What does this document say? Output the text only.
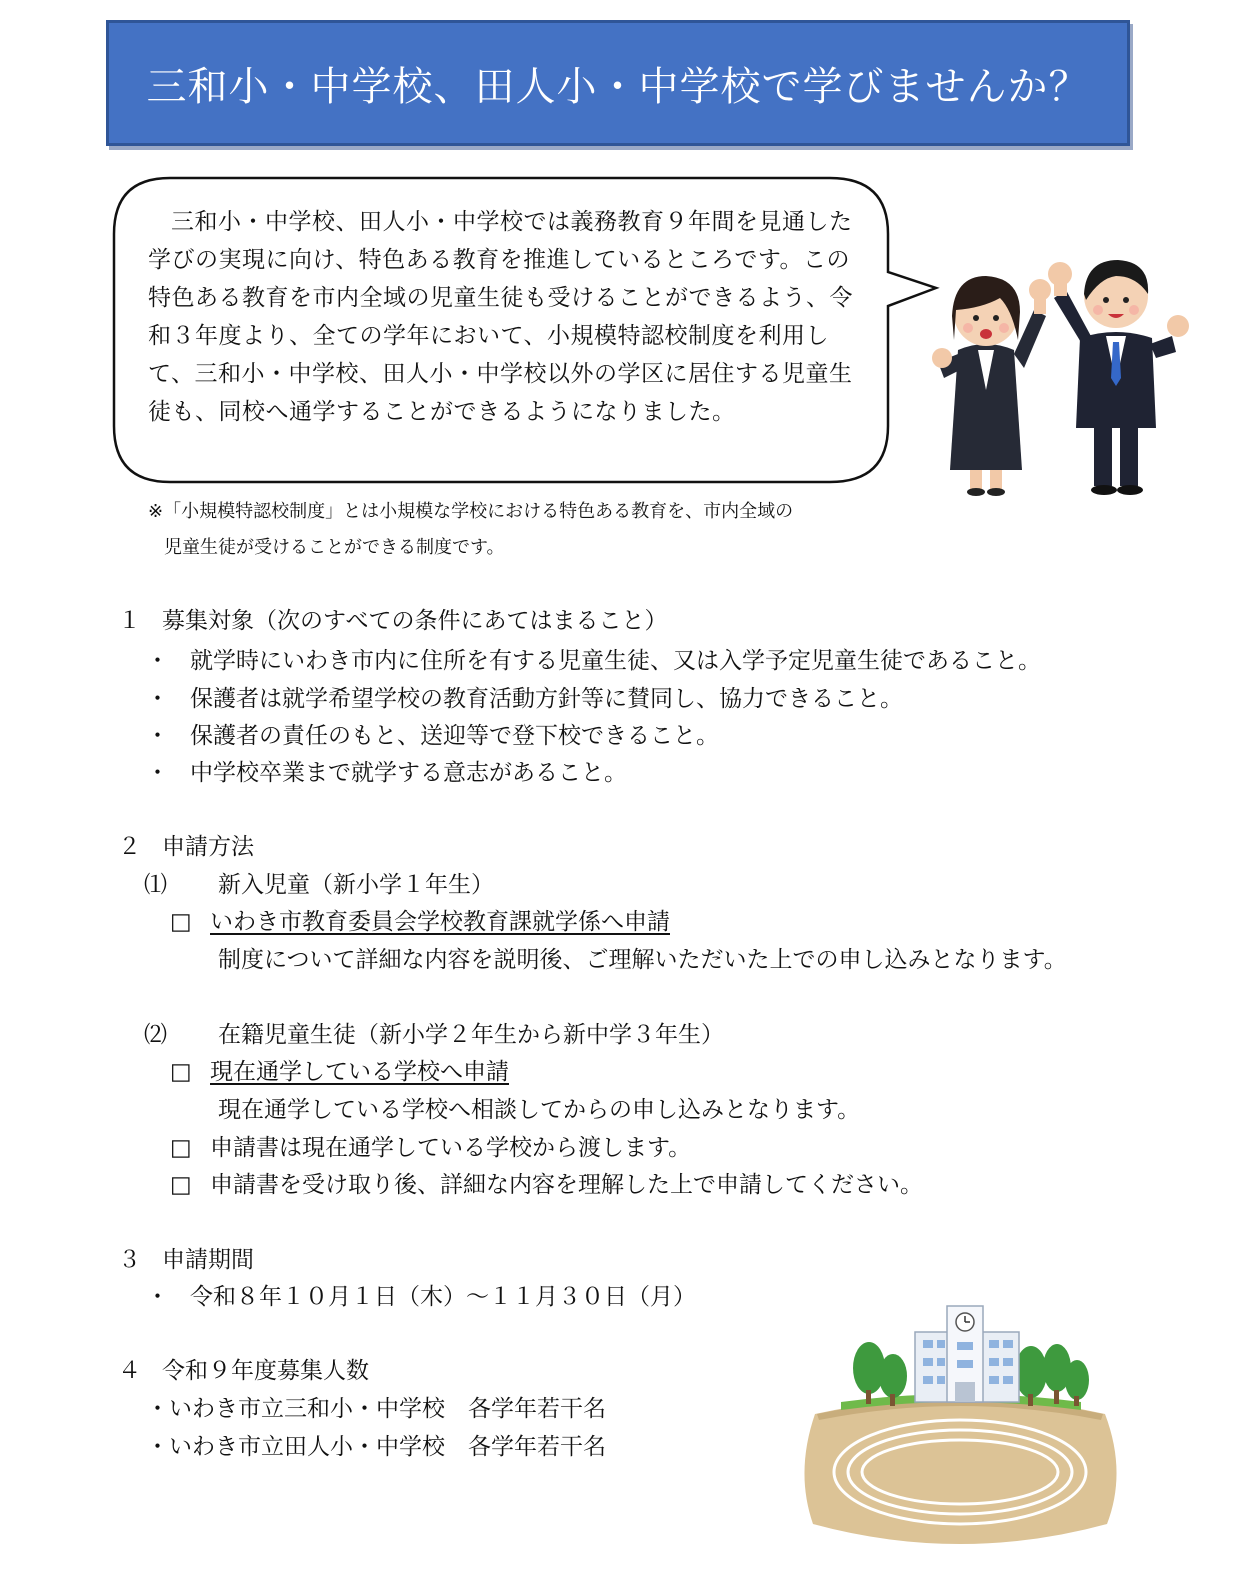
三和小・中学校、田人小・中学校で学びませんか？

三和小・中学校、田人小・中学校では義務教育９年間を見通した学びの実現に向け、特色ある教育を推進しているところです。この特色ある教育を市内全域の児童生徒も受けることができるよう、令和３年度より、全ての学年において、小規模特認校制度を利用して、三和小・中学校、田人小・中学校以外の学区に居住する児童生徒も、同校へ通学することができるようになりました。

※「小規模特認校制度」とは小規模な学校における特色ある教育を、市内全域の
児童生徒が受けることができる制度です。
１ 募集対象（次のすべての条件にあてはまること）
・ 就学時にいわき市内に住所を有する児童生徒、又は入学予定児童生徒であること。
・ 保護者は就学希望学校の教育活動方針等に賛同し、協力できること。
・ 保護者の責任のもと、送迎等で登下校できること。
・ 中学校卒業まで就学する意志があること。
２ 申請方法
⑴ 新入児童（新小学１年生）
□ いわき市教育委員会学校教育課就学係へ申請
制度について詳細な内容を説明後、ご理解いただいた上での申し込みとなります。
⑵ 在籍児童生徒（新小学２年生から新中学３年生）
□ 現在通学している学校へ申請
現在通学している学校へ相談してからの申し込みとなります。
□ 申請書は現在通学している学校から渡します。
□ 申請書を受け取り後、詳細な内容を理解した上で申請してください。
３ 申請期間
・ 令和８年１０月１日（木）～１１月３０日（月）
４ 令和９年度募集人数
・いわき市立三和小・中学校　各学年若干名
・いわき市立田人小・中学校　各学年若干名
